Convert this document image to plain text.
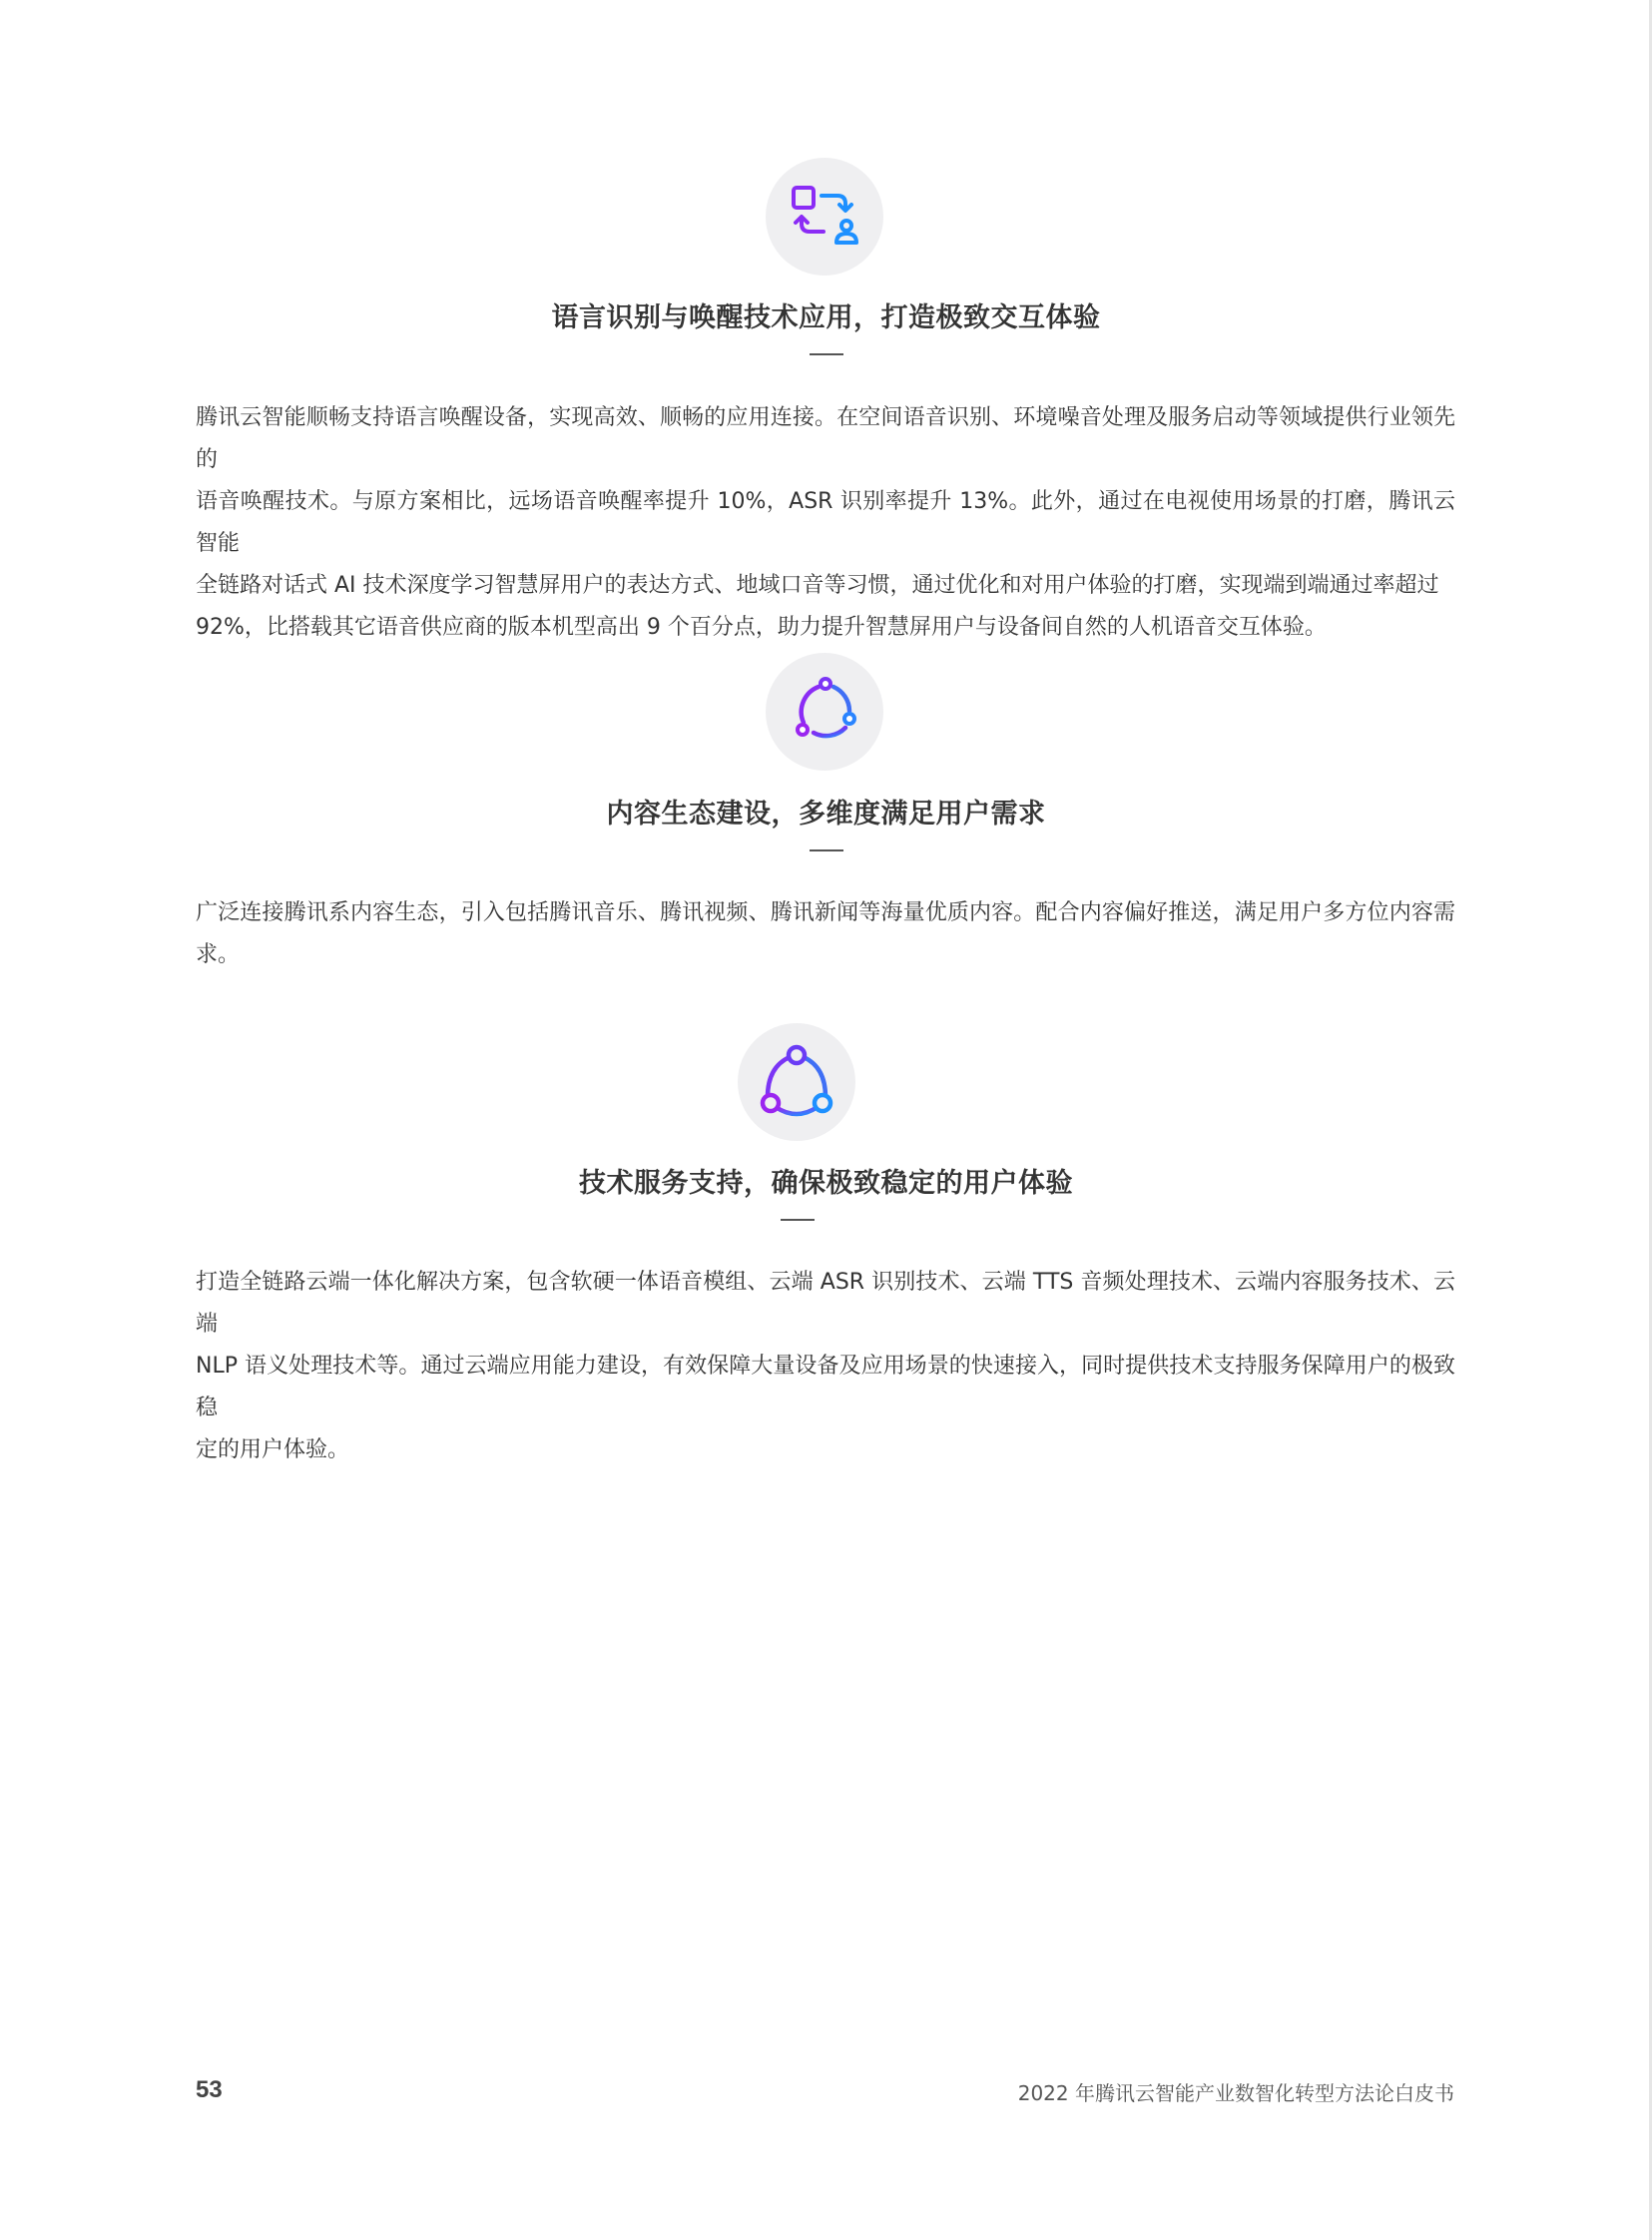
语言识别与唤醒技术应用，打造极致交互体验
腾讯云智能顺畅支持语言唤醒设备，实现高效、顺畅的应用连接。在空间语音识别、环境噪音处理及服务启动等领域提供行业领先的
语音唤醒技术。与原方案相比，远场语音唤醒率提升 10%，ASR 识别率提升 13%。此外，通过在电视使用场景的打磨，腾讯云智能
全链路对话式 AI 技术深度学习智慧屏用户的表达方式、地域口音等习惯，通过优化和对用户体验的打磨，实现端到端通过率超过
92%，比搭载其它语音供应商的版本机型高出 9 个百分点，助力提升智慧屏用户与设备间自然的人机语音交互体验。
内容生态建设，多维度满足用户需求
广泛连接腾讯系内容生态，引入包括腾讯音乐、腾讯视频、腾讯新闻等海量优质内容。配合内容偏好推送，满足用户多方位内容需求。
技术服务支持，确保极致稳定的用户体验
打造全链路云端一体化解决方案，包含软硬一体语音模组、云端 ASR 识别技术、云端 TTS 音频处理技术、云端内容服务技术、云端
NLP 语义处理技术等。通过云端应用能力建设，有效保障大量设备及应用场景的快速接入，同时提供技术支持服务保障用户的极致稳
定的用户体验。
53	2022 年腾讯云智能产业数智化转型方法论白皮书
